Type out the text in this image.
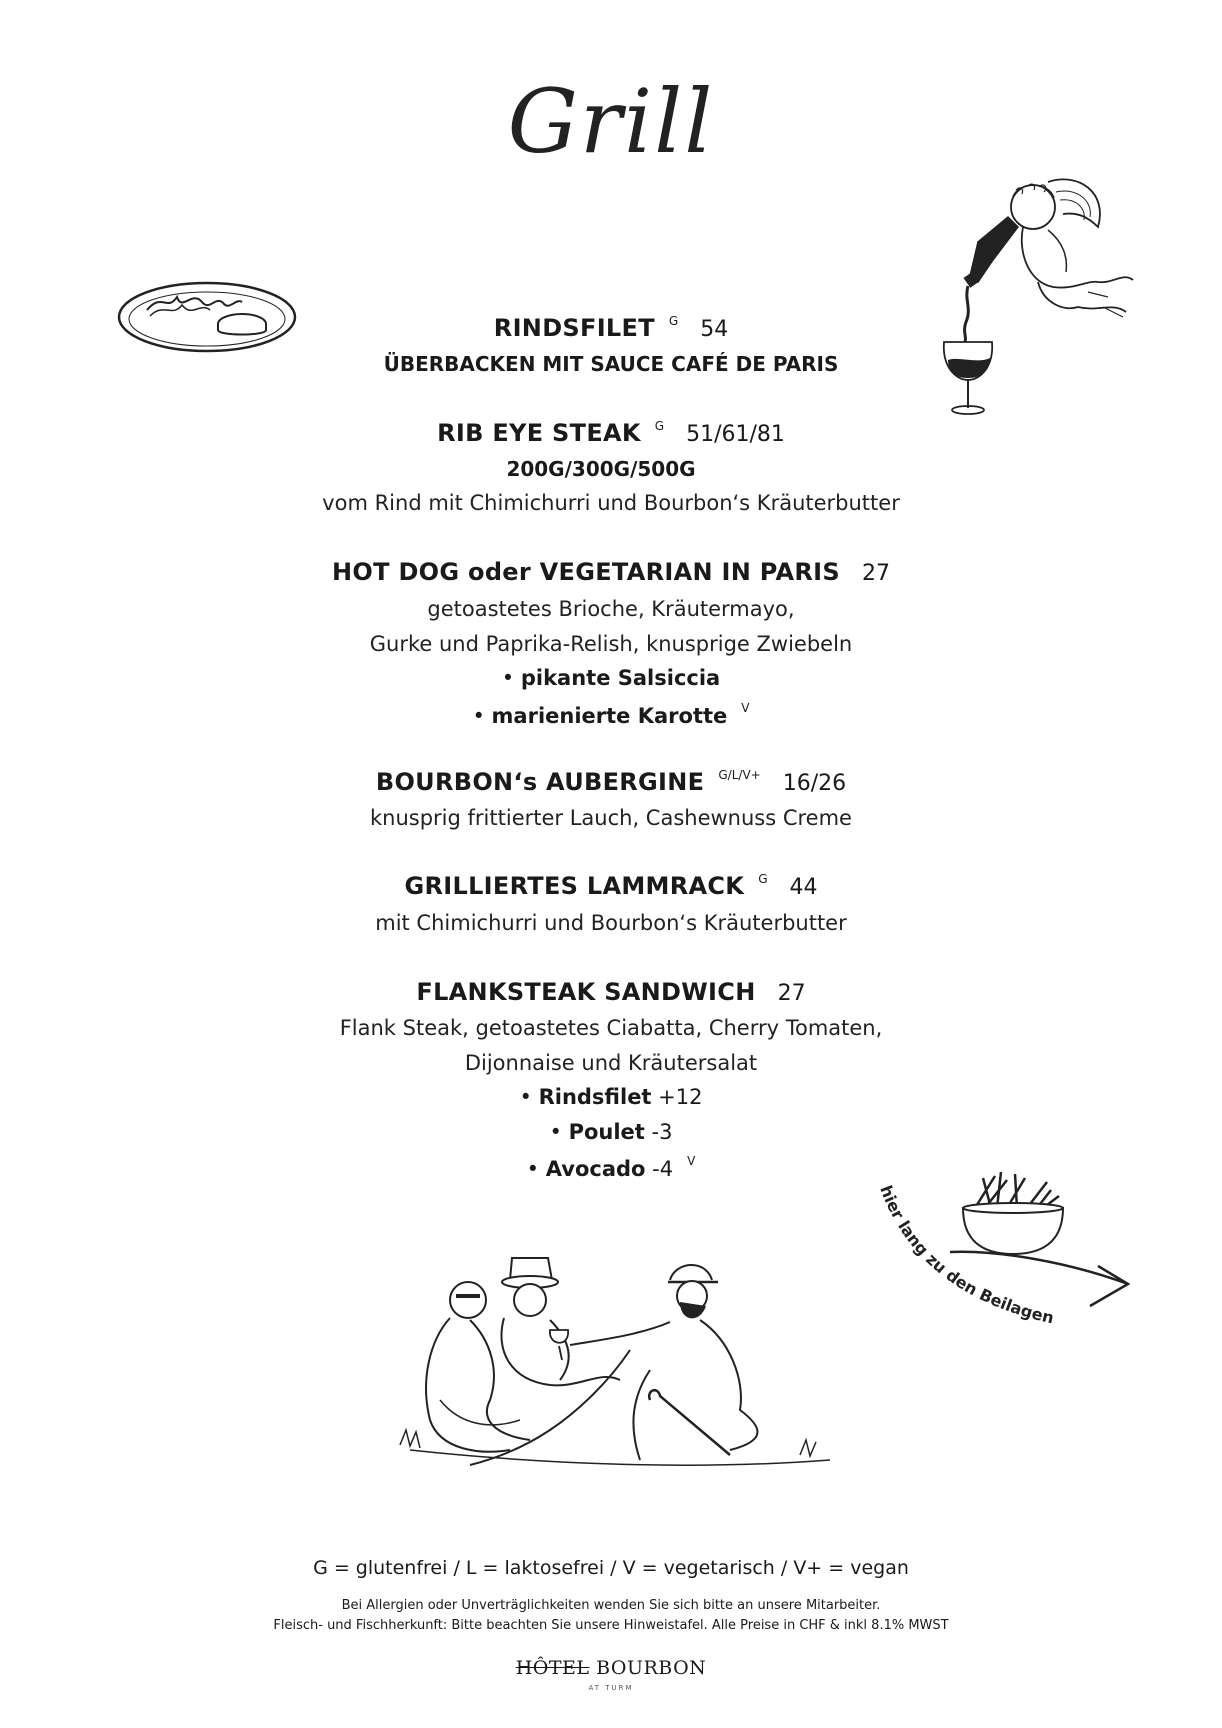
Grill
RINDSFILET $^G$ 54
ÜBERBACKEN MIT SAUCE CAFÉ DE PARIS
RIB EYE STEAK $^G$ 51/61/81
200G/300G/500G
vom Rind mit Chimichurri und Bourbon‘s Kräuterbutter
HOT DOG oder VEGETARIAN IN PARIS 27
getoastetes Brioche, Kräutermayo,
Gurke und Paprika-Relish, knusprige Zwiebeln
• pikante Salsiccia
• marienierte Karotte $^V$
BOURBON‘s AUBERGINE $^{G/L/V+}$ 16/26
knusprig frittierter Lauch, Cashewnuss Creme
GRILLIERTES LAMMRACK $^G$ 44
mit Chimichurri und Bourbon‘s Kräuterbutter
FLANKSTEAK SANDWICH 27
Flank Steak, getoastetes Ciabatta, Cherry Tomaten,
Dijonnaise und Kräutersalat
• Rindsfilet +12
• Poulet -3
• Avocado -4 $^V$
hier lang zu den Beilagen
G = glutenfrei / L = laktosefrei / V = vegetarisch / V+ = vegan
Bei Allergien oder Unverträglichkeiten wenden Sie sich bitte an unsere Mitarbeiter.
Fleisch- und Fischherkunft: Bitte beachten Sie unsere Hinweistafel. Alle Preise in CHF & inkl 8.1% MWST
HÔTEL BOURBON
AT TURM
